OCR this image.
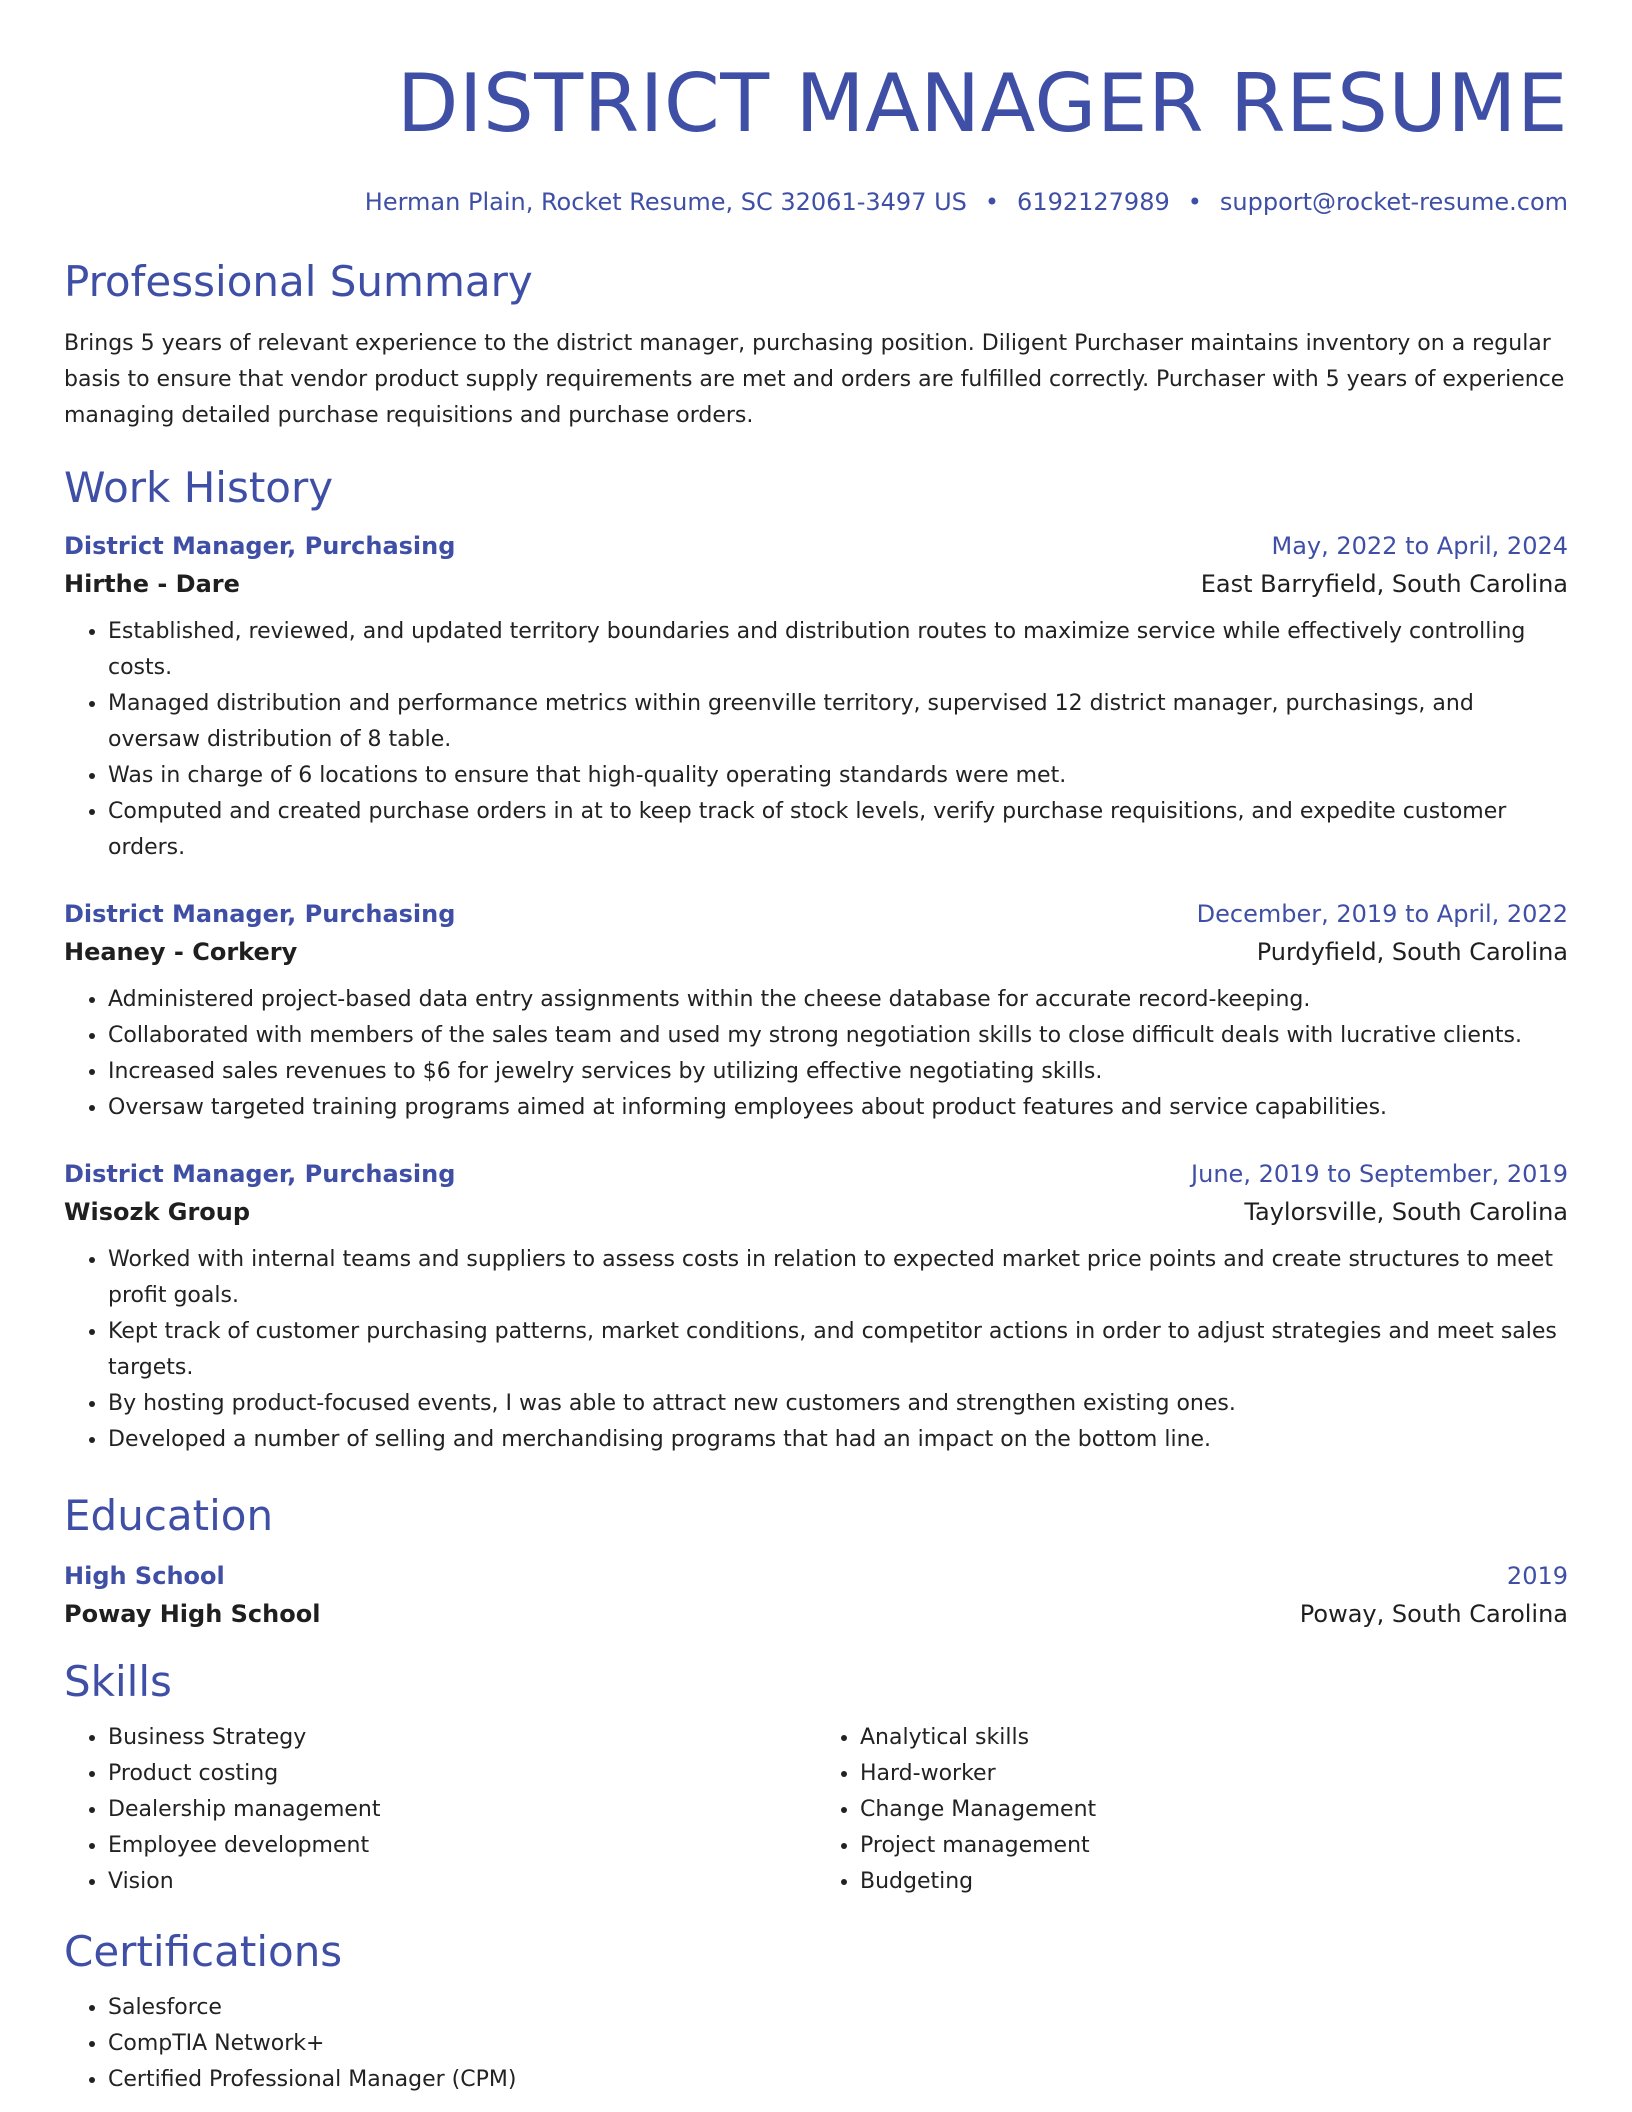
DISTRICT MANAGER RESUME
Herman Plain, Rocket Resume, SC 32061-3497 US • 6192127989 • support@rocket-resume.com
Professional Summary
Brings 5 years of relevant experience to the district manager, purchasing position. Diligent Purchaser maintains inventory on a regular basis to ensure that vendor product supply requirements are met and orders are fulfilled correctly. Purchaser with 5 years of experience managing detailed purchase requisitions and purchase orders.
Work History
District Manager, Purchasing	May, 2022 to April, 2024
Hirthe - Dare	East Barryfield, South Carolina
• Established, reviewed, and updated territory boundaries and distribution routes to maximize service while effectively controlling costs.
• Managed distribution and performance metrics within greenville territory, supervised 12 district manager, purchasings, and oversaw distribution of 8 table.
• Was in charge of 6 locations to ensure that high-quality operating standards were met.
• Computed and created purchase orders in at to keep track of stock levels, verify purchase requisitions, and expedite customer orders.
District Manager, Purchasing	December, 2019 to April, 2022
Heaney - Corkery	Purdyfield, South Carolina
• Administered project-based data entry assignments within the cheese database for accurate record-keeping.
• Collaborated with members of the sales team and used my strong negotiation skills to close difficult deals with lucrative clients.
• Increased sales revenues to $6 for jewelry services by utilizing effective negotiating skills.
• Oversaw targeted training programs aimed at informing employees about product features and service capabilities.
District Manager, Purchasing	June, 2019 to September, 2019
Wisozk Group	Taylorsville, South Carolina
• Worked with internal teams and suppliers to assess costs in relation to expected market price points and create structures to meet profit goals.
• Kept track of customer purchasing patterns, market conditions, and competitor actions in order to adjust strategies and meet sales targets.
• By hosting product-focused events, I was able to attract new customers and strengthen existing ones.
• Developed a number of selling and merchandising programs that had an impact on the bottom line.
Education
High School	2019
Poway High School	Poway, South Carolina
Skills
• Business Strategy
• Product costing
• Dealership management
• Employee development
• Vision
• Analytical skills
• Hard-worker
• Change Management
• Project management
• Budgeting
Certifications
• Salesforce
• CompTIA Network+
• Certified Professional Manager (CPM)
